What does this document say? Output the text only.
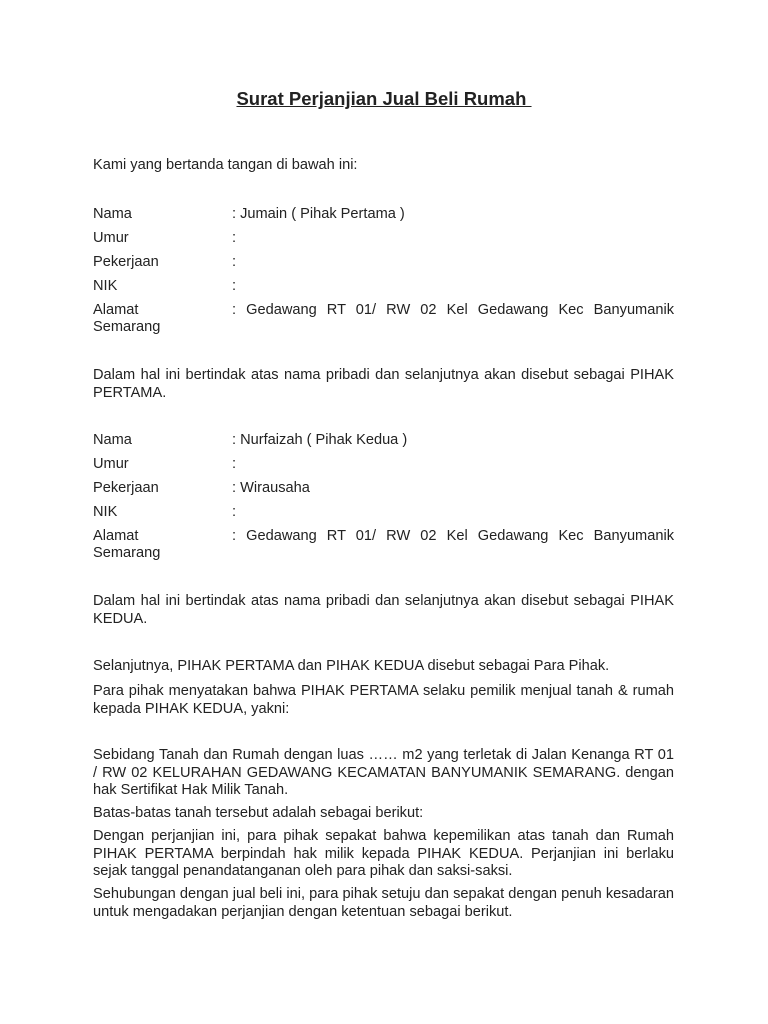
Surat Perjanjian Jual Beli Rumah
Kami yang bertanda tangan di bawah ini:
Nama	: Jumain ( Pihak Pertama )
Umur	:
Pekerjaan	:
NIK	:
Alamat	: Gedawang RT 01/ RW 02 Kel Gedawang Kec Banyumanik
Semarang
Dalam hal ini bertindak atas nama pribadi dan selanjutnya akan disebut sebagai PIHAK PERTAMA.
Nama	: Nurfaizah ( Pihak Kedua )
Umur	:
Pekerjaan	: Wirausaha
NIK	:
Alamat	: Gedawang RT 01/ RW 02 Kel Gedawang Kec Banyumanik
Semarang
Dalam hal ini bertindak atas nama pribadi dan selanjutnya akan disebut sebagai PIHAK KEDUA.
Selanjutnya, PIHAK PERTAMA dan PIHAK KEDUA disebut sebagai Para Pihak.
Para pihak menyatakan bahwa PIHAK PERTAMA selaku pemilik menjual tanah & rumah kepada PIHAK KEDUA, yakni:
Sebidang Tanah dan Rumah dengan luas …… m2 yang terletak di Jalan Kenanga RT 01 / RW 02 KELURAHAN GEDAWANG KECAMATAN BANYUMANIK SEMARANG. dengan hak Sertifikat Hak Milik Tanah.
Batas-batas tanah tersebut adalah sebagai berikut:
Dengan perjanjian ini, para pihak sepakat bahwa kepemilikan atas tanah dan Rumah PIHAK PERTAMA berpindah hak milik kepada PIHAK KEDUA. Perjanjian ini berlaku sejak tanggal penandatanganan oleh para pihak dan saksi-saksi.
Sehubungan dengan jual beli ini, para pihak setuju dan sepakat dengan penuh kesadaran untuk mengadakan perjanjian dengan ketentuan sebagai berikut.
